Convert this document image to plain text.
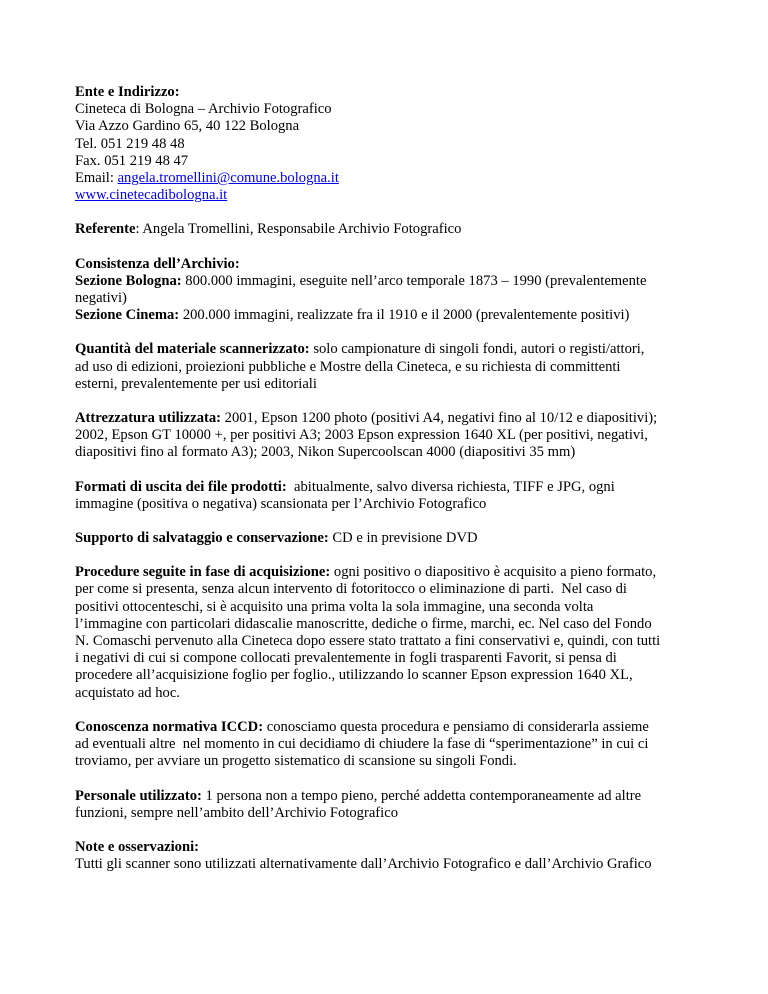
Ente e Indirizzo:
Cineteca di Bologna – Archivio Fotografico
Via Azzo Gardino 65, 40 122 Bologna
Tel. 051 219 48 48
Fax. 051 219 48 47
Email: angela.tromellini@comune.bologna.it
www.cinetecadibologna.it
Referente: Angela Tromellini, Responsabile Archivio Fotografico
Consistenza dell’Archivio:
Sezione Bologna: 800.000 immagini, eseguite nell’arco temporale 1873 – 1990 (prevalentemente
negativi)
Sezione Cinema: 200.000 immagini, realizzate fra il 1910 e il 2000 (prevalentemente positivi)
Quantità del materiale scannerizzato: solo campionature di singoli fondi, autori o registi/attori,
ad uso di edizioni, proiezioni pubbliche e Mostre della Cineteca, e su richiesta di committenti
esterni, prevalentemente per usi editoriali
Attrezzatura utilizzata: 2001, Epson 1200 photo (positivi A4, negativi fino al 10/12 e diapositivi);
2002, Epson GT 10000 +, per positivi A3; 2003 Epson expression 1640 XL (per positivi, negativi,
diapositivi fino al formato A3); 2003, Nikon Supercoolscan 4000 (diapositivi 35 mm)
Formati di uscita dei file prodotti:  abitualmente, salvo diversa richiesta, TIFF e JPG, ogni
immagine (positiva o negativa) scansionata per l’Archivio Fotografico
Supporto di salvataggio e conservazione: CD e in previsione DVD
Procedure seguite in fase di acquisizione: ogni positivo o diapositivo è acquisito a pieno formato,
per come si presenta, senza alcun intervento di fotoritocco o eliminazione di parti.  Nel caso di
positivi ottocenteschi, si è acquisito una prima volta la sola immagine, una seconda volta
l’immagine con particolari didascalie manoscritte, dediche o firme, marchi, ec. Nel caso del Fondo
N. Comaschi pervenuto alla Cineteca dopo essere stato trattato a fini conservativi e, quindi, con tutti
i negativi di cui si compone collocati prevalentemente in fogli trasparenti Favorit, si pensa di
procedere all’acquisizione foglio per foglio., utilizzando lo scanner Epson expression 1640 XL,
acquistato ad hoc.
Conoscenza normativa ICCD: conosciamo questa procedura e pensiamo di considerarla assieme
ad eventuali altre  nel momento in cui decidiamo di chiudere la fase di “sperimentazione” in cui ci
troviamo, per avviare un progetto sistematico di scansione su singoli Fondi.
Personale utilizzato: 1 persona non a tempo pieno, perché addetta contemporaneamente ad altre
funzioni, sempre nell’ambito dell’Archivio Fotografico
Note e osservazioni:
Tutti gli scanner sono utilizzati alternativamente dall’Archivio Fotografico e dall’Archivio Grafico
